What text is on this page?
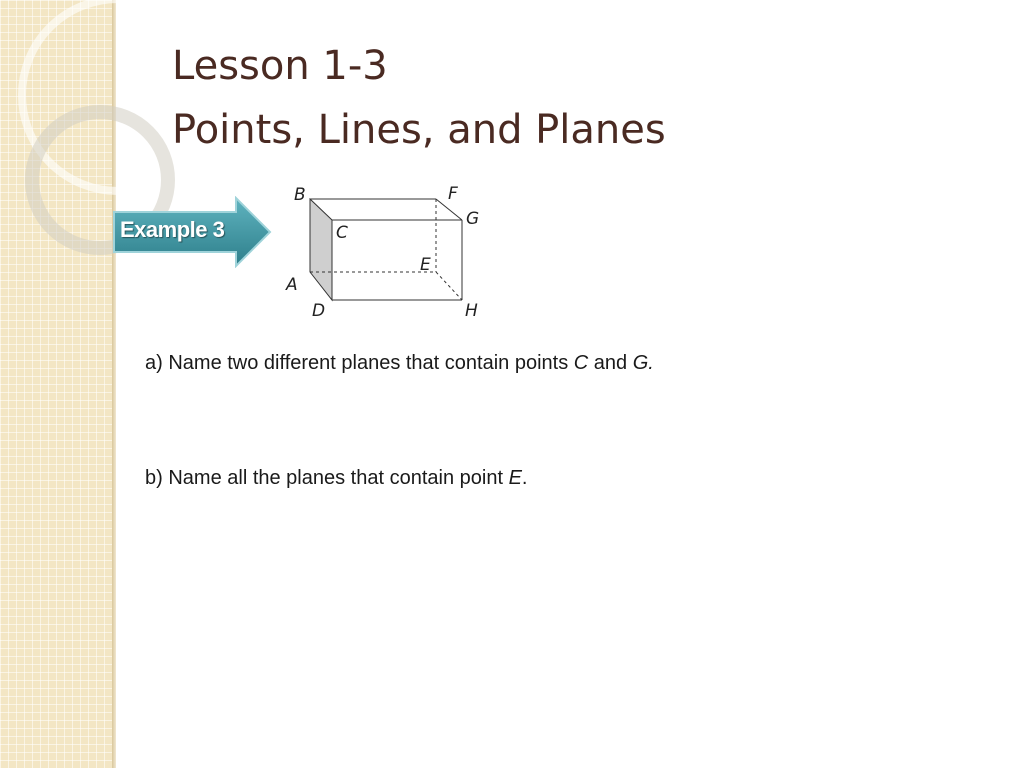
Lesson 1-3
Points, Lines, and Planes
Example 3
B	F
G
C
E
A
D	H

a) Name two different planes that contain points C and G.

b) Name all the planes that contain point E.
